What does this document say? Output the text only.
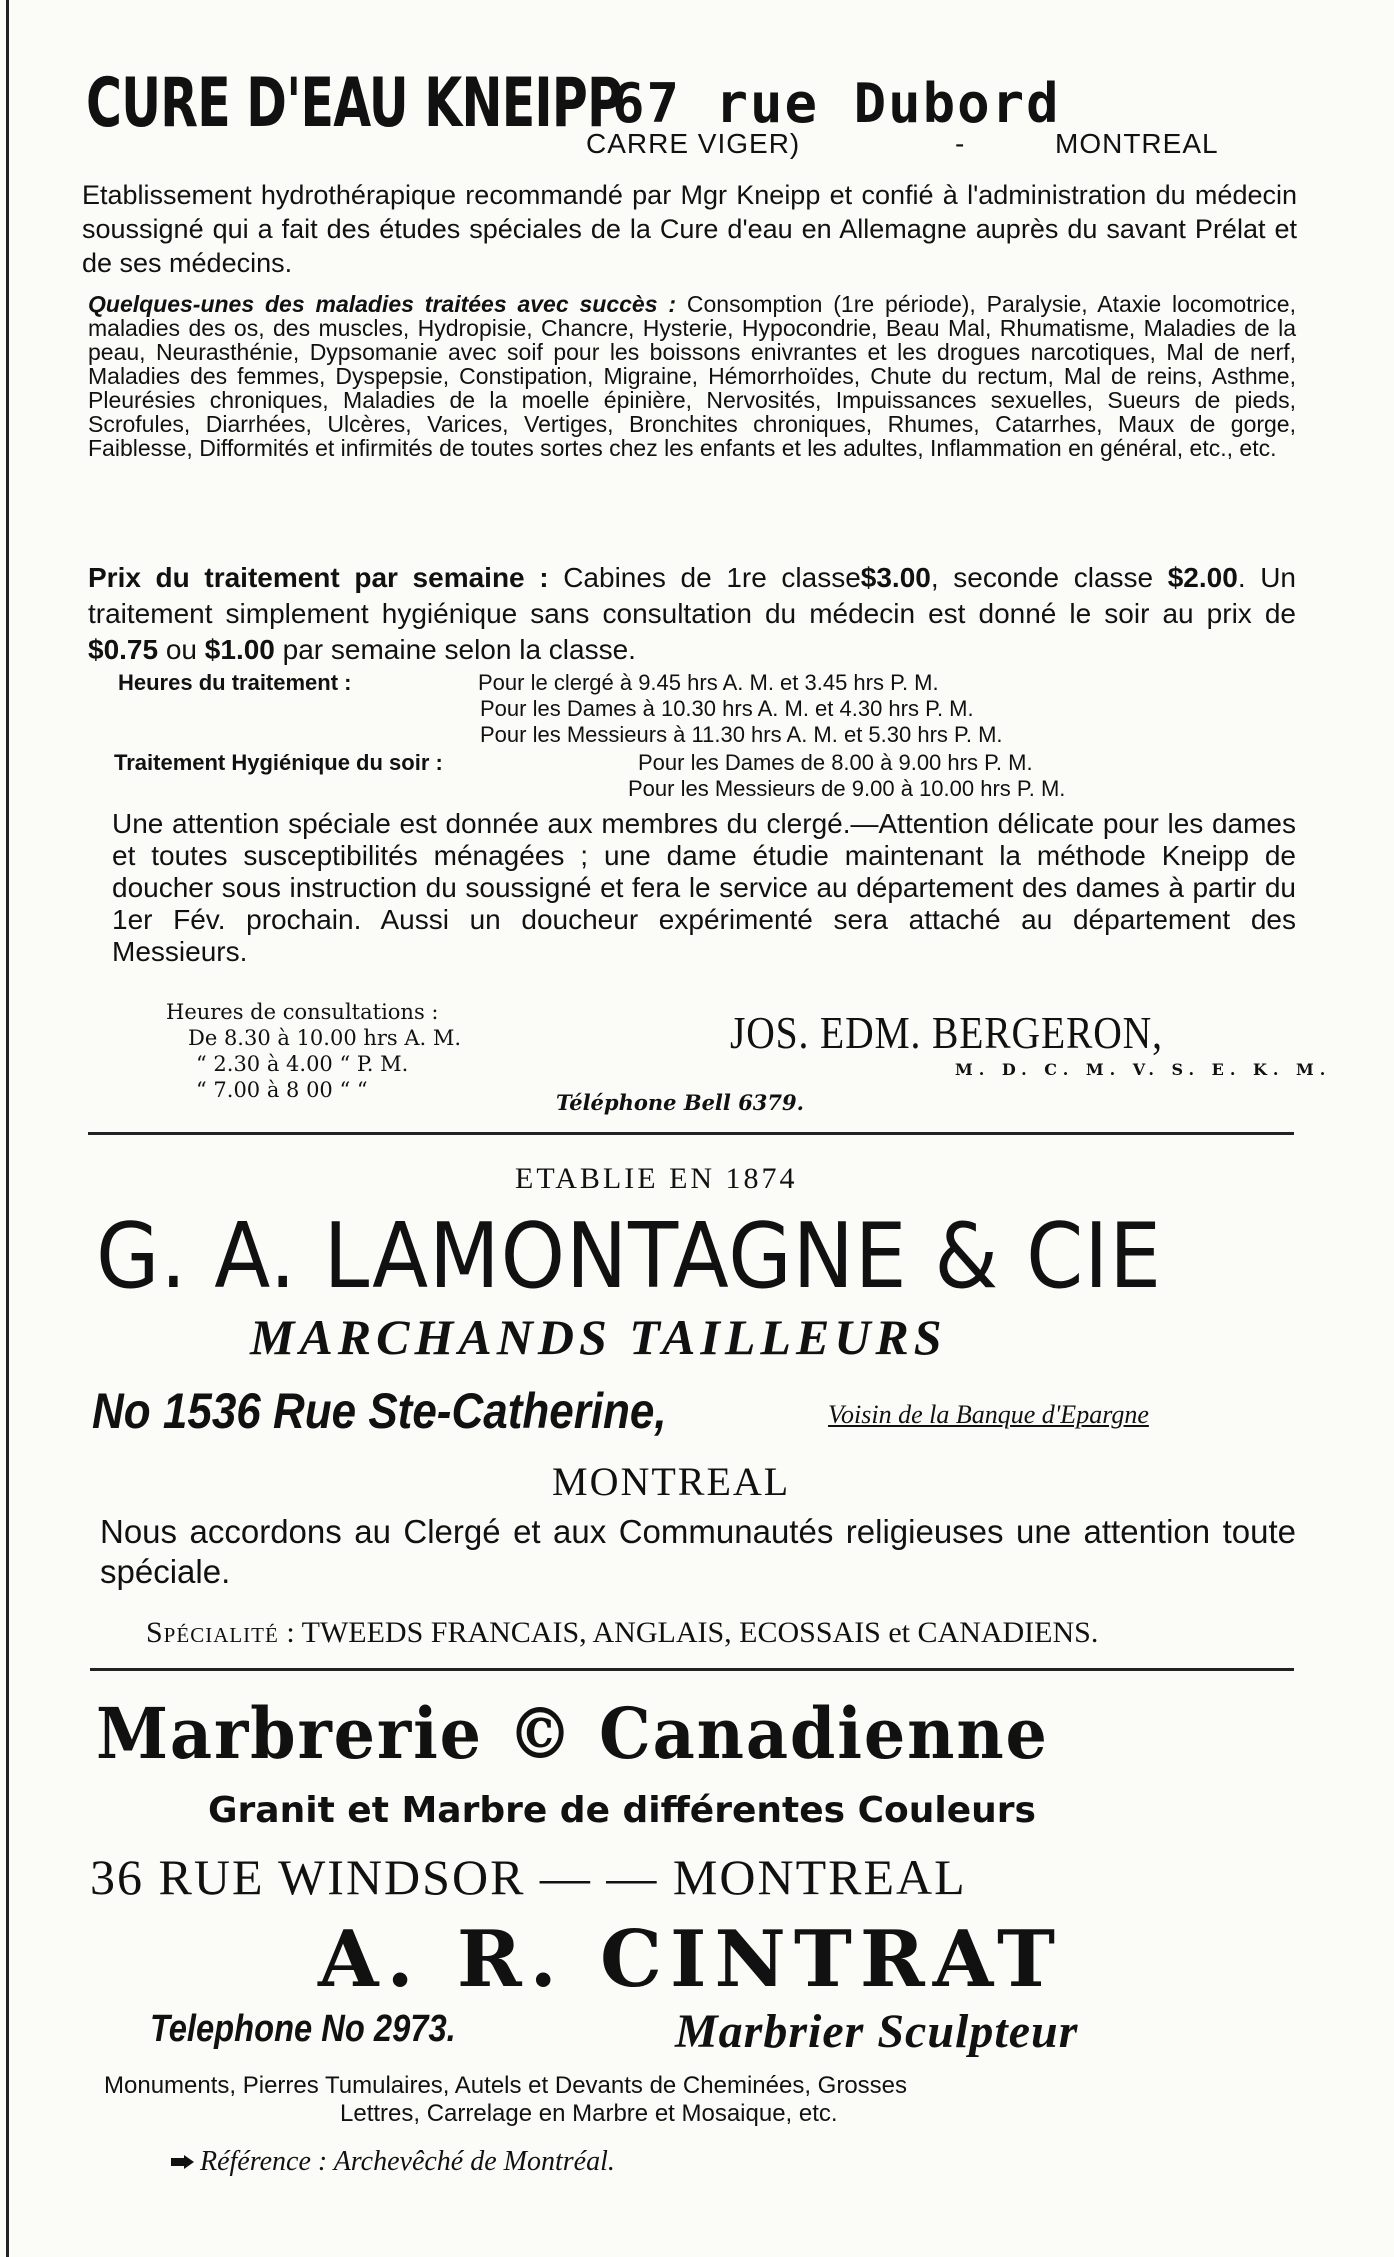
CURE D'EAU KNEIPP
67 rue Dubord
CARRE VIGER)	-	MONTREAL
Etablissement hydrothérapique recommandé par Mgr Kneipp et confié à l'administration du médecin soussigné qui a fait des études spéciales de la Cure d'eau en Allemagne auprès du savant Prélat et de ses médecins.
Quelques-unes des maladies traitées avec succès : Consomption (1re période), Paralysie, Ataxie locomotrice, maladies des os, des muscles, Hydropisie, Chancre, Hysterie, Hypocondrie, Beau Mal, Rhumatisme, Maladies de la peau, Neurasthénie, Dypsomanie avec soif pour les boissons enivrantes et les drogues narcotiques, Mal de nerf, Maladies des femmes, Dyspepsie, Constipation, Migraine, Hémorrhoïdes, Chute du rectum, Mal de reins, Asthme, Pleurésies chroniques, Maladies de la moelle épinière, Nervosités, Impuissances sexuelles, Sueurs de pieds, Scrofules, Diarrhées, Ulcères, Varices, Vertiges, Bronchites chroniques, Rhumes, Catarrhes, Maux de gorge, Faiblesse, Difformités et infirmités de toutes sortes chez les enfants et les adultes, Inflammation en général, etc., etc.
Prix du traitement par semaine : Cabines de 1re classe$3.00, seconde classe $2.00. Un traitement simplement hygiénique sans consultation du médecin est donné le soir au prix de $0.75 ou $1.00 par semaine selon la classe.
Heures du traitement :	Pour le clergé à 9.45 hrs A. M. et 3.45 hrs P. M.
Pour les Dames à 10.30 hrs A. M. et 4.30 hrs P. M.
Pour les Messieurs à 11.30 hrs A. M. et 5.30 hrs P. M.
Traitement Hygiénique du soir :	Pour les Dames de 8.00 à 9.00 hrs P. M.
Pour les Messieurs de 9.00 à 10.00 hrs P. M.
Une attention spéciale est donnée aux membres du clergé.—Attention délicate pour les dames et toutes susceptibilités ménagées ; une dame étudie maintenant la méthode Kneipp de doucher sous instruction du soussigné et fera le service au département des dames à partir du 1er Fév. prochain. Aussi un doucheur expérimenté sera attaché au département des Messieurs.
Heures de consultations :
De 8.30 à 10.00 hrs A. M.
“ 2.30 à 4.00 “ P. M.
“ 7.00 à 8 00 “ “
JOS. EDM. BERGERON,
M. D. C. M. V. S. E. K. M.
Téléphone Bell 6379.
ETABLIE EN 1874
G. A. LAMONTAGNE & CIE
MARCHANDS TAILLEURS
No 1536 Rue Ste-Catherine,	Voisin de la Banque d'Epargne
MONTREAL
Nous accordons au Clergé et aux Communautés religieuses une attention toute spéciale.
Spécialité : TWEEDS FRANCAIS, ANGLAIS, ECOSSAIS et CANADIENS.
Marbrerie © Canadienne
Granit et Marbre de différentes Couleurs
36 RUE WINDSOR — — MONTREAL
A. R. CINTRAT
Telephone No 2973.	Marbrier Sculpteur
Monuments, Pierres Tumulaires, Autels et Devants de Cheminées, Grosses
Lettres, Carrelage en Marbre et Mosaique, etc.
Référence : Archevêché de Montréal.
